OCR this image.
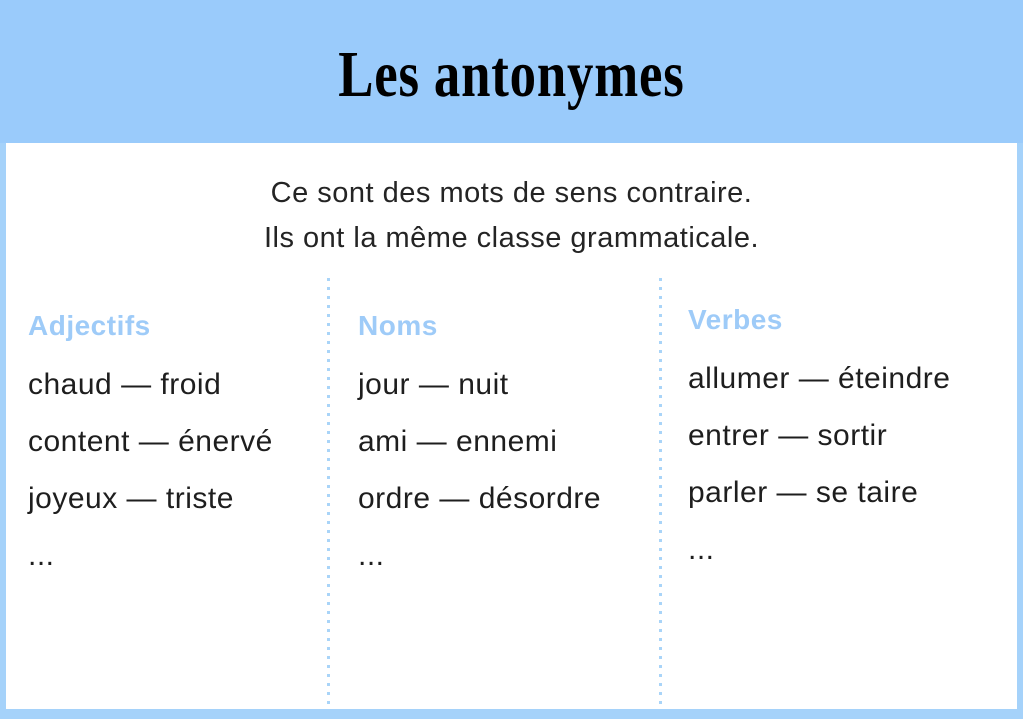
Les antonymes

Ce sont des mots de sens contraire.
Ils ont la même classe grammaticale.

Adjectifs
chaud — froid
content — énervé
joyeux — triste
...
Noms
jour — nuit
ami — ennemi
ordre — désordre
...
Verbes
allumer — éteindre
entrer — sortir
parler — se taire
...
